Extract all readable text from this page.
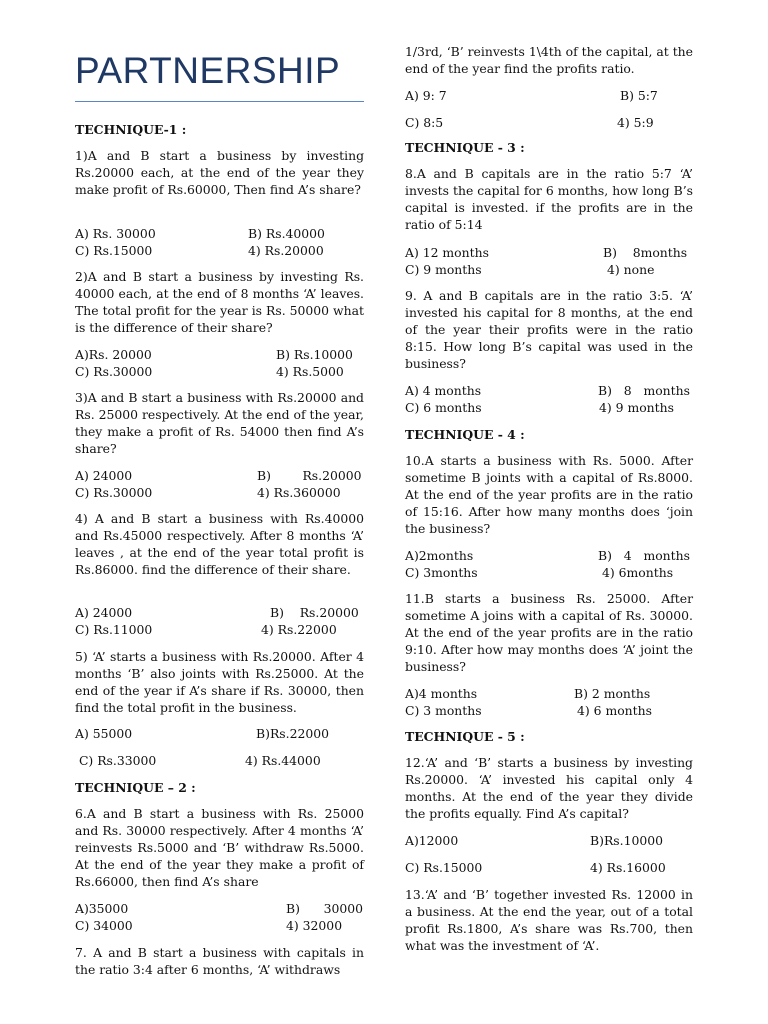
PARTNERSHIP
TECHNIQUE-1 :
1)A and B start a business by investing Rs.20000 each, at the end of the year they make profit of Rs.60000, Then find A’s share?
A) Rs. 30000	B) Rs.40000
C) Rs.15000	4) Rs.20000
2)A and B start a business by investing Rs. 40000 each, at the end of 8 months ‘A’ leaves. The total profit for the year is Rs. 50000 what is the difference of their share?
A)Rs. 20000	B) Rs.10000
C) Rs.30000	4) Rs.5000
3)A and B start a business with Rs.20000 and Rs. 25000 respectively. At the end of the year, they make a profit of Rs. 54000 then find A’s share?
A) 24000	B)        Rs.20000
C) Rs.30000	4) Rs.360000
4) A and B start a business with Rs.40000 and Rs.45000 respectively. After 8 months ‘A’ leaves , at the end of the year total profit is Rs.86000. find the difference of their share.
A) 24000	B)    Rs.20000
C) Rs.11000	4) Rs.22000
5) ‘A’ starts a business with Rs.20000. After 4 months ‘B’ also joints with Rs.25000. At the end of the year if A’s share if Rs. 30000, then find the total profit in the business.
A) 55000	B)Rs.22000
C) Rs.33000	4) Rs.44000
TECHNIQUE – 2 :
6.A and B start a business with Rs. 25000 and Rs. 30000 respectively. After 4 months ‘A’ reinvests Rs.5000 and ‘B’ withdraw Rs.5000. At the end of the year they make a profit of Rs.66000, then find A’s share
A)35000	B)      30000
C) 34000	4) 32000
7. A and B start a business with capitals in the ratio 3:4 after 6 months, ‘A’ withdraws
1/3rd, ‘B’ reinvests 1\4th of the capital, at the end of the year find the profits ratio.
A) 9: 7	B) 5:7
C) 8:5	4) 5:9
TECHNIQUE - 3 :
8.A and B capitals are in the ratio 5:7 ‘A’ invests the capital for 6 months, how long B’s capital is invested. if the profits are in the ratio of 5:14
A) 12 months	B)    8months
C) 9 months	4) none
9. A and B capitals are in the ratio 3:5. ‘A’ invested his capital for 8 months, at the end of the year their profits were in the ratio 8:15. How long B’s capital was used in the business?
A) 4 months	B)   8   months
C) 6 months	4) 9 months
TECHNIQUE - 4 :
10.A starts a business with Rs. 5000. After sometime B joints with a capital of Rs.8000. At the end of the year profits are in the ratio of 15:16. After how many months does ‘join the business?
A)2months	B)   4   months
C) 3months	4) 6months
11.B starts a business Rs. 25000. After sometime A joins with a capital of Rs. 30000. At the end of the year profits are in the ratio 9:10. After how may months does ‘A’ joint the business?
A)4 months	B) 2 months
C) 3 months	4) 6 months
TECHNIQUE - 5 :
12.‘A’ and ‘B’ starts a business by investing Rs.20000. ‘A’ invested his capital only 4 months. At the end of the year they divide the profits equally. Find A’s capital?
A)12000	B)Rs.10000
C) Rs.15000	4) Rs.16000
13.‘A’ and ‘B’ together invested Rs. 12000 in a business. At the end the year, out of a total profit Rs.1800, A’s share was Rs.700, then what was the investment of ‘A’.
